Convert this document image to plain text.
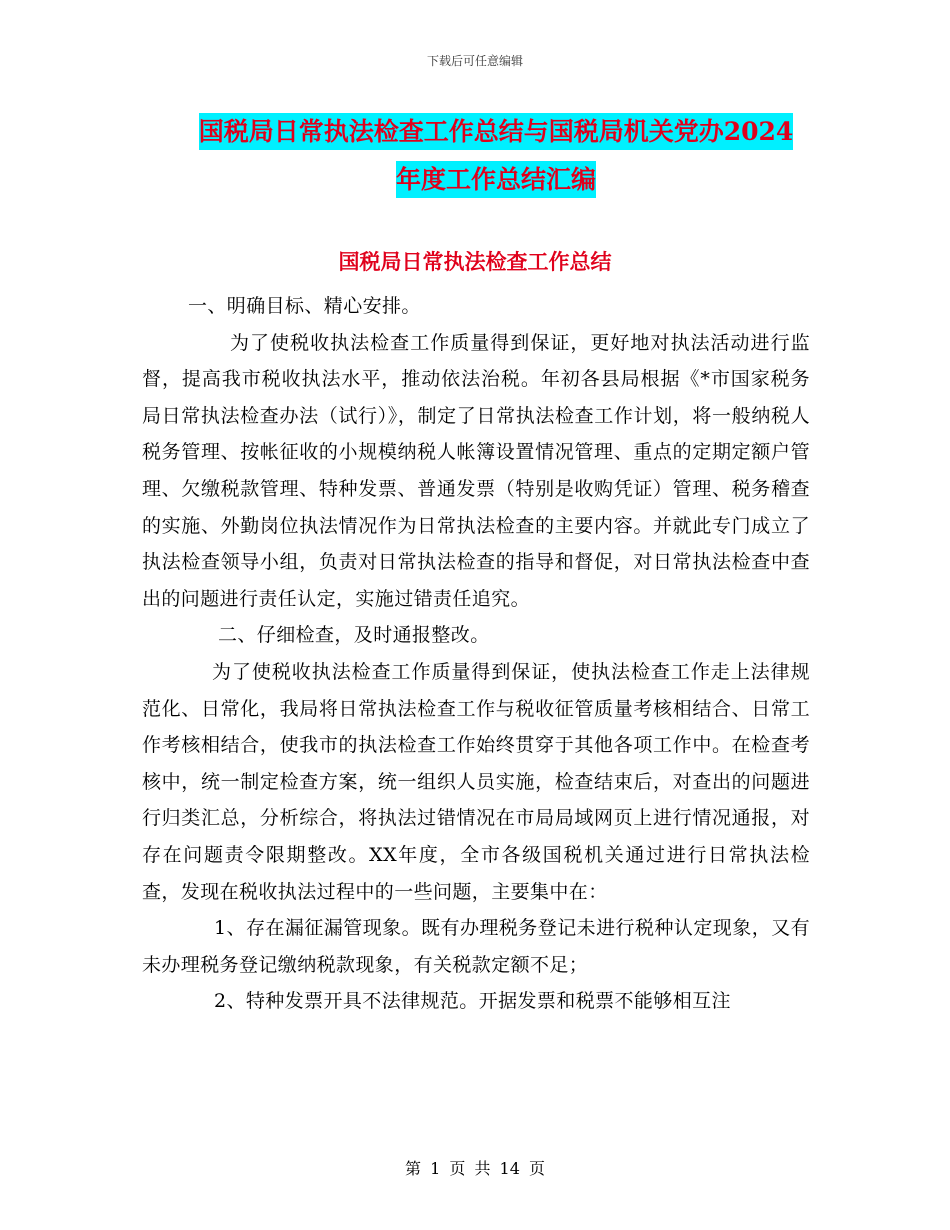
下载后可任意编辑
国税局日常执法检查工作总结与国税局机关党办2024年度工作总结汇编
国税局日常执法检查工作总结

一、明确目标、精心安排。

为了使税收执法检查工作质量得到保证，更好地对执法活动进行监督，提高我市税收执法水平，推动依法治税。年初各县局根据《*市国家税务局日常执法检查办法（试行）》，制定了日常执法检查工作计划，将一般纳税人税务管理、按帐征收的小规模纳税人帐簿设置情况管理、重点的定期定额户管理、欠缴税款管理、特种发票、普通发票（特别是收购凭证）管理、税务稽查的实施、外勤岗位执法情况作为日常执法检查的主要内容。并就此专门成立了执法检查领导小组，负责对日常执法检查的指导和督促，对日常执法检查中查出的问题进行责任认定，实施过错责任追究。

二、仔细检查，及时通报整改。

为了使税收执法检查工作质量得到保证，使执法检查工作走上法律规范化、日常化，我局将日常执法检查工作与税收征管质量考核相结合、日常工作考核相结合，使我市的执法检查工作始终贯穿于其他各项工作中。在检查考核中，统一制定检查方案，统一组织人员实施，检查结束后，对查出的问题进行归类汇总，分析综合，将执法过错情况在市局局域网页上进行情况通报，对存在问题责令限期整改。XX年度，全市各级国税机关通过进行日常执法检查，发现在税收执法过程中的一些问题，主要集中在：

1、存在漏征漏管现象。既有办理税务登记未进行税种认定现象，又有未办理税务登记缴纳税款现象，有关税款定额不足；

2、特种发票开具不法律规范。开据发票和税票不能够相互注

第 1 页 共 14 页
